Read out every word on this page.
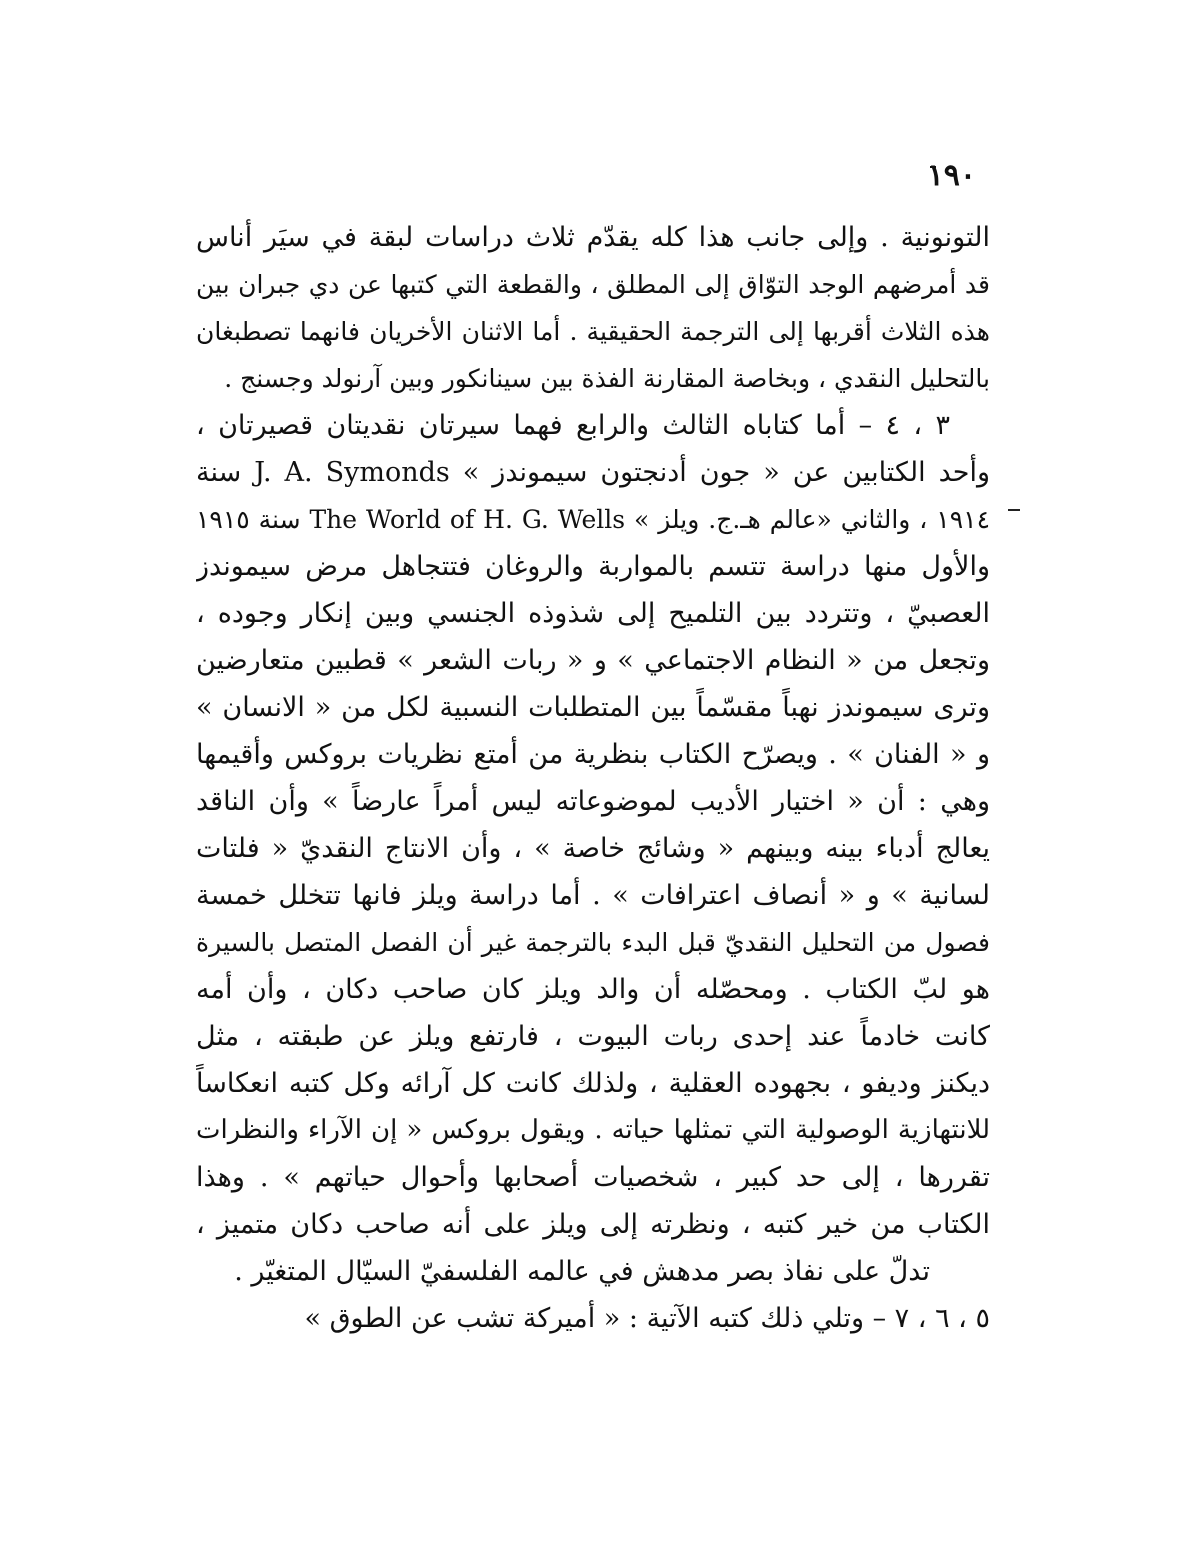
١٩٠
التونونية . وإلى جانب هذا كله يقدّم ثلاث دراسات لبقة في سيَر أناس
قد أمرضهم الوجد التوّاق إلى المطلق ، والقطعة التي كتبها عن دي جبران بين
هذه الثلاث أقربها إلى الترجمة الحقيقية . أما الاثنان الأخريان فانهما تصطبغان
بالتحليل النقدي ، وبخاصة المقارنة الفذة بين سينانكور وبين آرنولد وجسنج .
٣ ، ٤ – أما كتاباه الثالث والرابع فهما سيرتان نقديتان قصيرتان ،
وأحد الكتابين عن « جون أدنجتون سيموندز » J. A. Symonds سنة
١٩١٤ ، والثاني «عالم هـ.ج. ويلز » The World of H. G. Wells سنة ١٩١٥
والأول منها دراسة تتسم بالمواربة والروغان فتتجاهل مرض سيموندز
العصبيّ ، وتتردد بين التلميح إلى شذوذه الجنسي وبين إنكار وجوده ،
وتجعل من « النظام الاجتماعي » و « ربات الشعر » قطبين متعارضين
وترى سيموندز نهباً مقسّماً بين المتطلبات النسبية لكل من « الانسان »
و « الفنان » . ويصرّح الكتاب بنظرية من أمتع نظريات بروكس وأقيمها
وهي : أن « اختيار الأديب لموضوعاته ليس أمراً عارضاً » وأن الناقد
يعالج أدباء بينه وبينهم « وشائج خاصة » ، وأن الانتاج النقديّ « فلتات
لسانية » و « أنصاف اعترافات » . أما دراسة ويلز فانها تتخلل خمسة
فصول من التحليل النقديّ قبل البدء بالترجمة غير أن الفصل المتصل بالسيرة
هو لبّ الكتاب . ومحصّله أن والد ويلز كان صاحب دكان ، وأن أمه
كانت خادماً عند إحدى ربات البيوت ، فارتفع ويلز عن طبقته ، مثل
ديكنز وديفو ، بجهوده العقلية ، ولذلك كانت كل آرائه وكل كتبه انعكاساً
للانتهازية الوصولية التي تمثلها حياته . ويقول بروكس « إن الآراء والنظرات
تقررها ، إلى حد كبير ، شخصيات أصحابها وأحوال حياتهم » . وهذا
الكتاب من خير كتبه ، ونظرته إلى ويلز على أنه صاحب دكان متميز ،
تدلّ على نفاذ بصر مدهش في عالمه الفلسفيّ السيّال المتغيّر .
٥ ، ٦ ، ٧ – وتلي ذلك كتبه الآتية : « أميركة تشب عن الطوق »
